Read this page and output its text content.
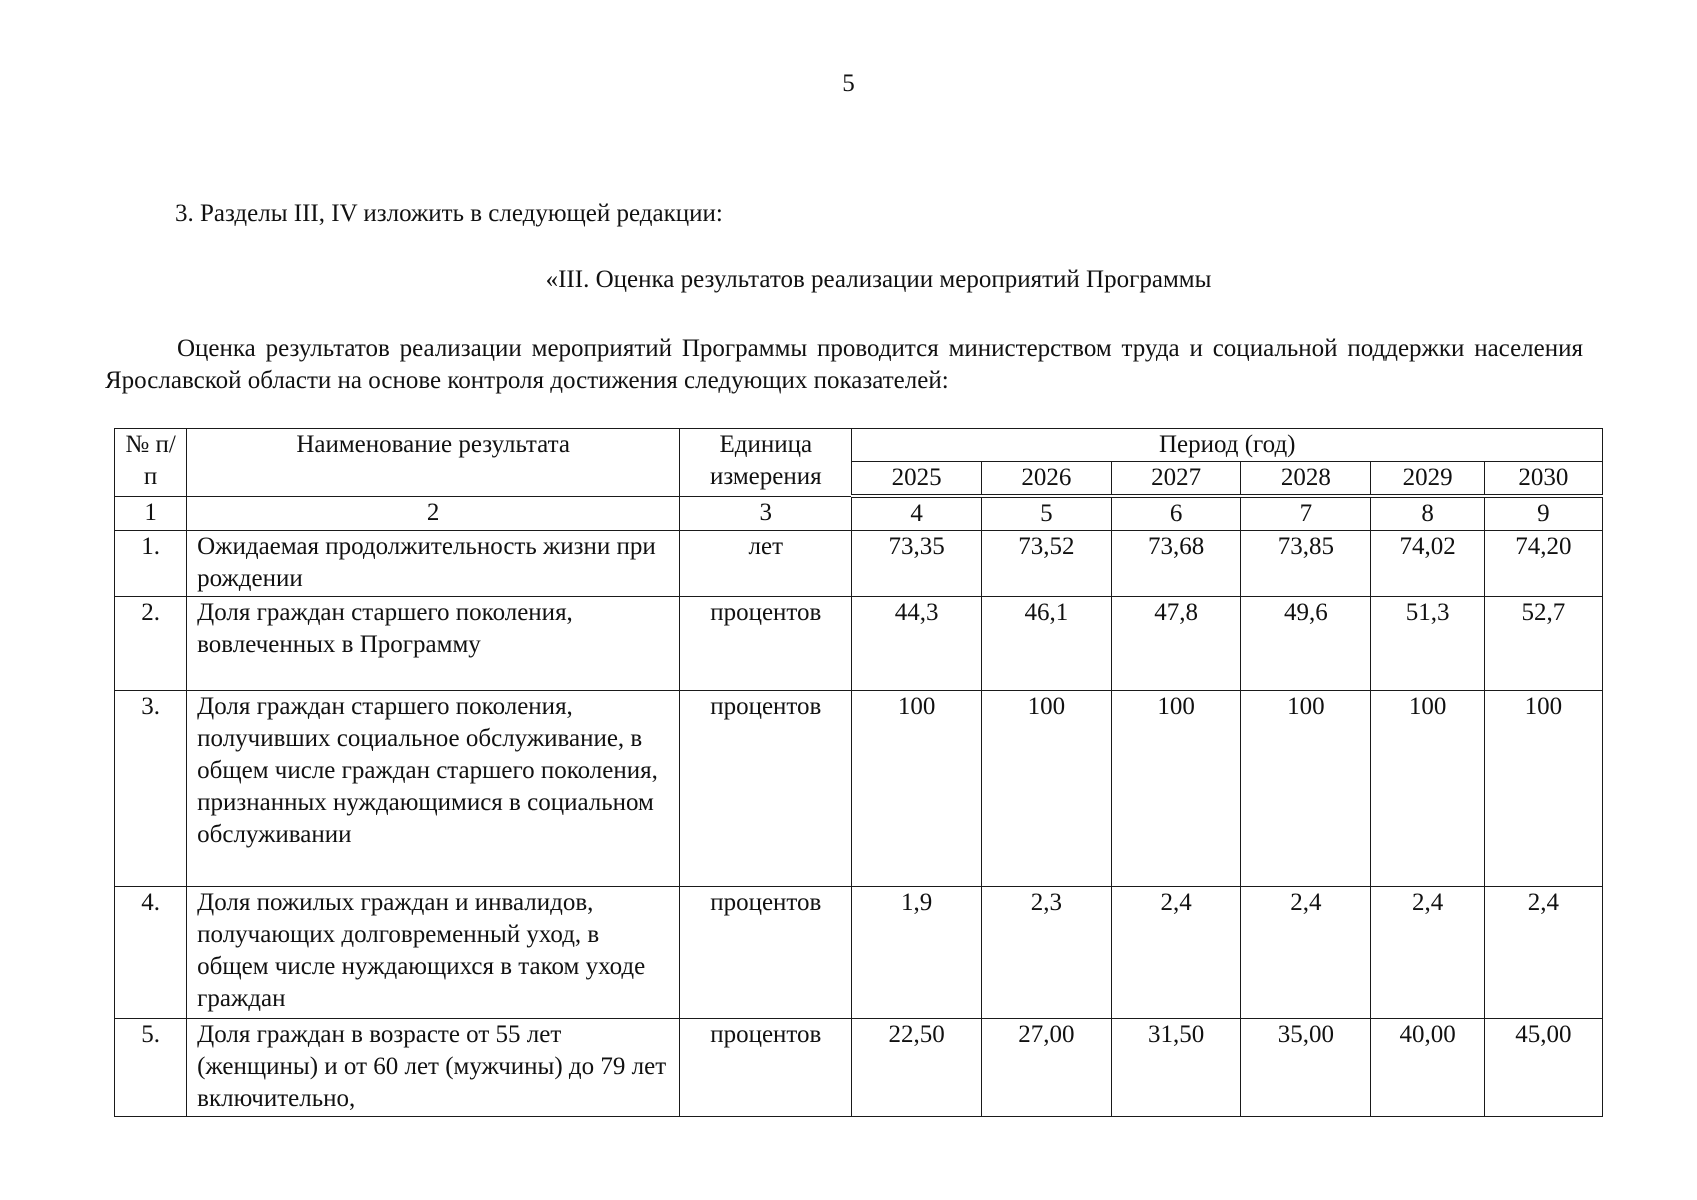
5
3. Разделы III, IV изложить в следующей редакции:
«III. Оценка результатов реализации мероприятий Программы
Оценка результатов реализации мероприятий Программы проводится министерством труда и социальной поддержки населения Ярославской области на основе контроля достижения следующих показателей:
№ п/п	Наименование результата	Единица измерения	Период (год)					
			2025	2026	2027	2028	2029	2030
1	2	3	4	5	6	7	8	9
1.	Ожидаемая продолжительность жизни при рождении	лет	73,35	73,52	73,68	73,85	74,02	74,20
2.	Доля граждан старшего поколения, вовлеченных в Программу	процентов	44,3	46,1	47,8	49,6	51,3	52,7
3.	Доля граждан старшего поколения, получивших социальное обслуживание, в общем числе граждан старшего поколения, признанных нуждающимися в социальном обслуживании	процентов	100	100	100	100	100	100
4.	Доля пожилых граждан и инвалидов, получающих долговременный уход, в общем числе нуждающихся в таком уходе граждан	процентов	1,9	2,3	2,4	2,4	2,4	2,4
5.	Доля граждан в возрасте от 55 лет (женщины) и от 60 лет (мужчины) до 79 лет включительно,	процентов	22,50	27,00	31,50	35,00	40,00	45,00
